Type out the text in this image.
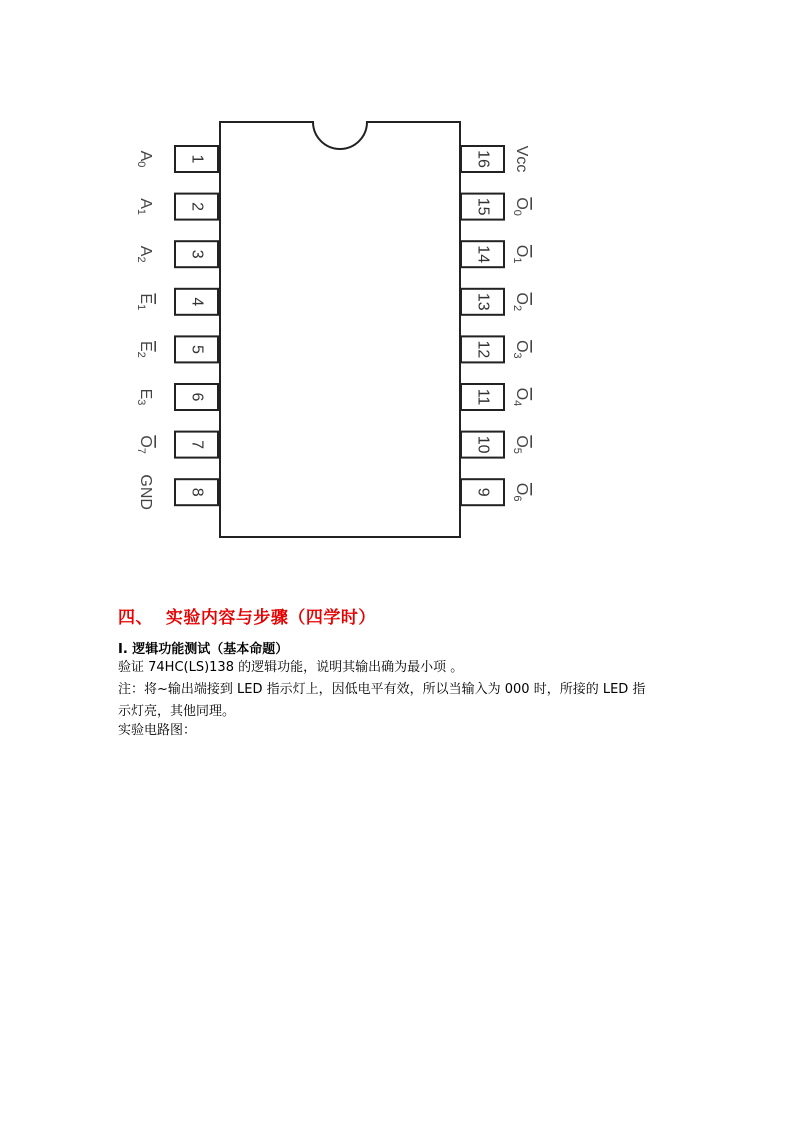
1
$A_0$
2
$A_1$
3
$A_2$
4
$E_1$
5
$E_2$
6
$E_3$
7
$O_7$
8
GND
16 Vcc
15 $O_0$
14 $O_1$
13 $O_2$
12 $O_3$
11 $O_4$
10 $O_5$
9 $O_6$
四、  实验内容与步骤（四学时）
Ⅰ. 逻辑功能测试（基本命题）
验证 74HC(LS)138 的逻辑功能，说明其输出确为最小项 。
注：将~输出端接到 LED 指示灯上，因低电平有效，所以当输入为 000 时，所接的 LED 指
示灯亮，其他同理。
实验电路图：
